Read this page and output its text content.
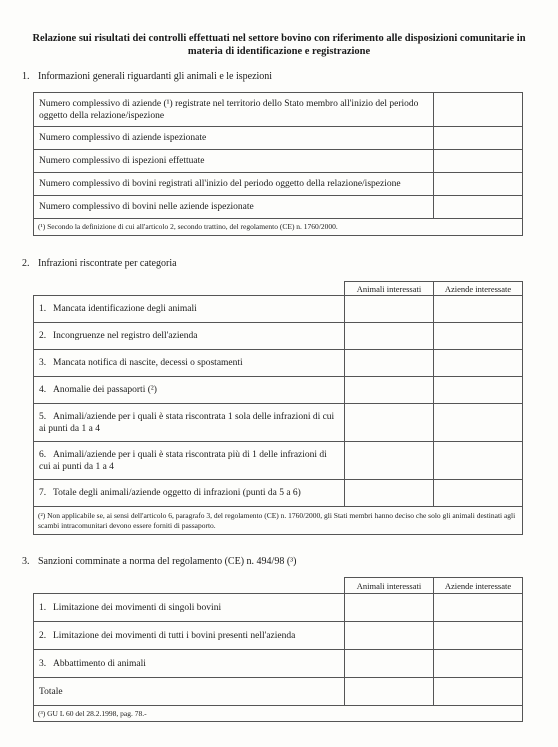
Relazione sui risultati dei controlli effettuati nel settore bovino con riferimento alle disposizioni comunitarie in materia di identificazione e registrazione
1. Informazioni generali riguardanti gli animali e le ispezioni
Numero complessivo di aziende (¹) registrate nel territorio dello Stato membro all'inizio del periodo oggetto della relazione/ispezione	
Numero complessivo di aziende ispezionate	
Numero complessivo di ispezioni effettuate	
Numero complessivo di bovini registrati all'inizio del periodo oggetto della relazione/ispezione	
Numero complessivo di bovini nelle aziende ispezionate	
(¹) Secondo la definizione di cui all'articolo 2, secondo trattino, del regolamento (CE) n. 1760/2000.	
2. Infrazioni riscontrate per categoria
	Animali interessati	Aziende interessate
1. Mancata identificazione degli animali		
2. Incongruenze nel registro dell'azienda		
3. Mancata notifica di nascite, decessi o spostamenti		
4. Anomalie dei passaporti (²)		
5. Animali/aziende per i quali è stata riscontrata 1 sola delle infrazioni di cui ai punti da 1 a 4		
6. Animali/aziende per i quali è stata riscontrata più di 1 delle infrazioni di cui ai punti da 1 a 4		
7. Totale degli animali/aziende oggetto di infrazioni (punti da 5 a 6)		
(²) Non applicabile se, ai sensi dell'articolo 6, paragrafo 3, del regolamento (CE) n. 1760/2000, gli Stati membri hanno deciso che solo gli animali destinati agli scambi intracomunitari devono essere forniti di passaporto.		
3. Sanzioni comminate a norma del regolamento (CE) n. 494/98 (³)
	Animali interessati	Aziende interessate
1. Limitazione dei movimenti di singoli bovini		
2. Limitazione dei movimenti di tutti i bovini presenti nell'azienda		
3. Abbattimento di animali		
Totale		
(³) GU L 60 del 28.2.1998, pag. 78.-		
